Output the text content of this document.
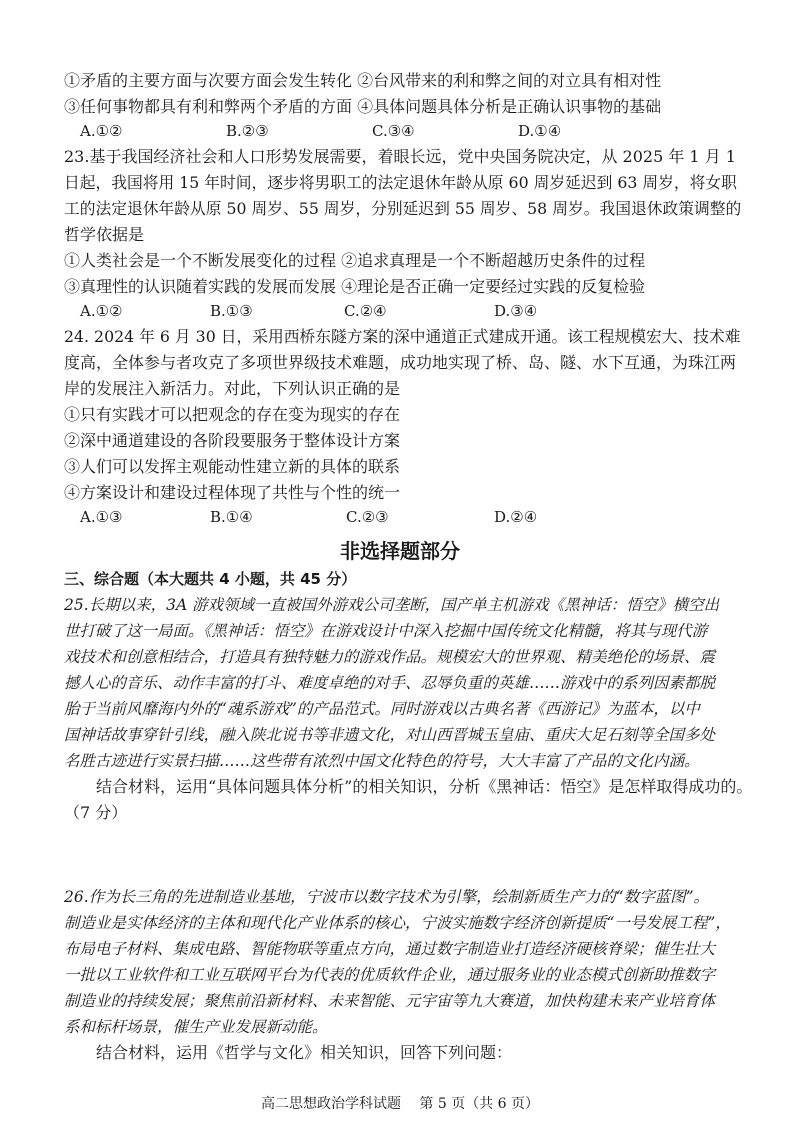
①矛盾的主要方面与次要方面会发生转化 ②台风带来的利和弊之间的对立具有相对性
③任何事物都具有利和弊两个矛盾的方面 ④具体问题具体分析是正确认识事物的基础
A.①②	B.②③	C.③④	D.①④
23.基于我国经济社会和人口形势发展需要，着眼长远，党中央国务院决定，从 2025 年 1 月 1
日起，我国将用 15 年时间，逐步将男职工的法定退休年龄从原 60 周岁延迟到 63 周岁，将女职
工的法定退休年龄从原 50 周岁、55 周岁，分别延迟到 55 周岁、58 周岁。我国退休政策调整的
哲学依据是
①人类社会是一个不断发展变化的过程 ②追求真理是一个不断超越历史条件的过程
③真理性的认识随着实践的发展而发展 ④理论是否正确一定要经过实践的反复检验
A.①②	B.①③	C.②④	D.③④
24. 2024 年 6 月 30 日，采用西桥东隧方案的深中通道正式建成开通。该工程规模宏大、技术难
度高，全体参与者攻克了多项世界级技术难题，成功地实现了桥、岛、隧、水下互通，为珠江两
岸的发展注入新活力。对此，下列认识正确的是
①只有实践才可以把观念的存在变为现实的存在
②深中通道建设的各阶段要服务于整体设计方案
③人们可以发挥主观能动性建立新的具体的联系
④方案设计和建设过程体现了共性与个性的统一
A.①③	B.①④	C.②③	D.②④
非选择题部分
三、综合题（本大题共 4 小题，共 45 分）
25.长期以来，3A 游戏领域一直被国外游戏公司垄断，国产单主机游戏《黑神话：悟空》横空出
世打破了这一局面。《黑神话：悟空》在游戏设计中深入挖掘中国传统文化精髓，将其与现代游
戏技术和创意相结合，打造具有独特魅力的游戏作品。规模宏大的世界观、精美绝伦的场景、震
撼人心的音乐、动作丰富的打斗、难度卓绝的对手、忍辱负重的英雄……游戏中的系列因素都脱
胎于当前风靡海内外的“魂系游戏”的产品范式。同时游戏以古典名著《西游记》为蓝本，以中
国神话故事穿针引线，融入陕北说书等非遗文化，对山西晋城玉皇庙、重庆大足石刻等全国多处
名胜古迹进行实景扫描……这些带有浓烈中国文化特色的符号，大大丰富了产品的文化内涵。
结合材料，运用“具体问题具体分析”的相关知识，分析《黑神话：悟空》是怎样取得成功的。
（7 分）
26.作为长三角的先进制造业基地，宁波市以数字技术为引擎，绘制新质生产力的“数字蓝图”。
制造业是实体经济的主体和现代化产业体系的核心，宁波实施数字经济创新提质“一号发展工程”，
布局电子材料、集成电路、智能物联等重点方向，通过数字制造业打造经济硬核脊梁；催生壮大
一批以工业软件和工业互联网平台为代表的优质软件企业，通过服务业的业态模式创新助推数字
制造业的持续发展；聚焦前沿新材料、未来智能、元宇宙等九大赛道，加快构建未来产业培育体
系和标杆场景，催生产业发展新动能。
结合材料，运用《哲学与文化》相关知识，回答下列问题：
高二思想政治学科试题　 第 5 页（共 6 页）
